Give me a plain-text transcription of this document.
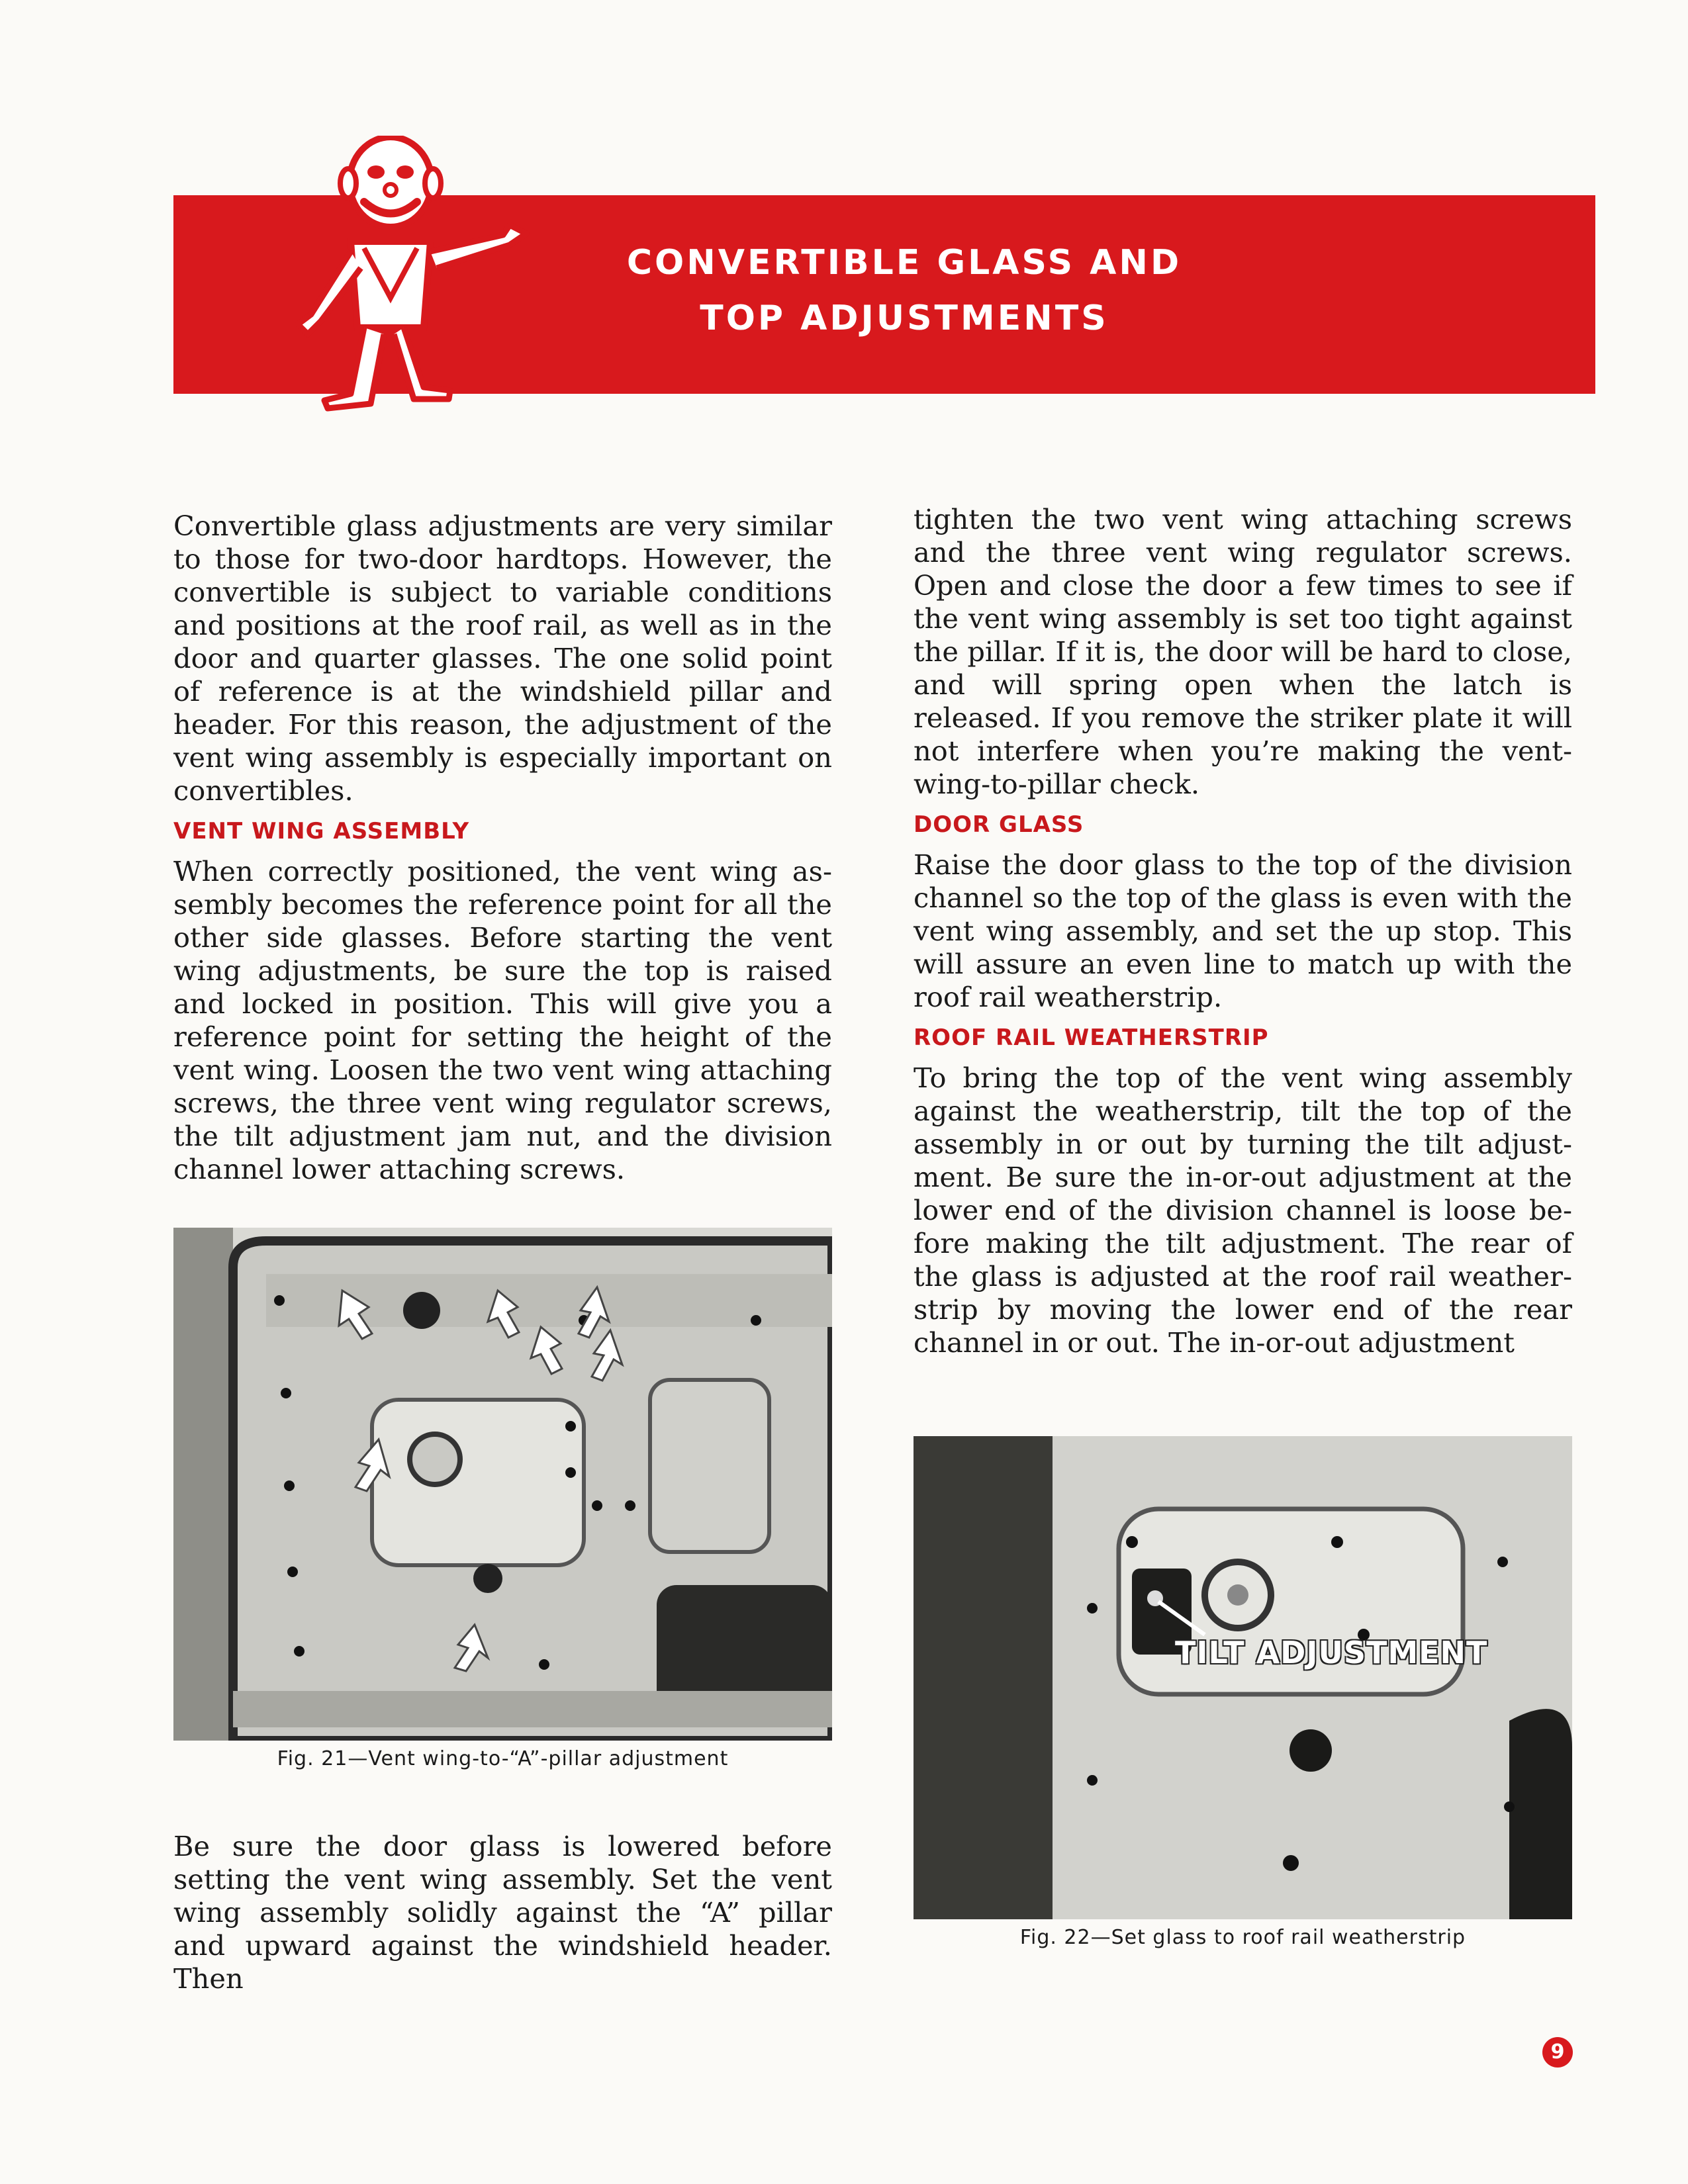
CONVERTIBLE GLASS AND
TOP ADJUSTMENTS

Convertible glass adjustments are very similar to those for two-door hardtops. However, the convertible is subject to variable conditions and positions at the roof rail, as well as in the door and quarter glasses. The one solid point of reference is at the windshield pillar and header. For this reason, the adjustment of the vent wing assembly is especially important on convertibles.

VENT WING ASSEMBLY

When correctly positioned, the vent wing assembly becomes the reference point for all the other side glasses. Before starting the vent wing adjustments, be sure the top is raised and locked in position. This will give you a reference point for setting the height of the vent wing. Loosen the two vent wing attaching screws, the three vent wing regulator screws, the tilt adjustment jam nut, and the division channel lower attaching screws.

Fig. 21—Vent wing-to-“A”-pillar adjustment

Be sure the door glass is lowered before setting the vent wing assembly. Set the vent wing assembly solidly against the “A” pillar and upward against the windshield header. Then

tighten the two vent wing attaching screws and the three vent wing regulator screws. Open and close the door a few times to see if the vent wing assembly is set too tight against the pillar. If it is, the door will be hard to close, and will spring open when the latch is released. If you remove the striker plate it will not interfere when you’re making the vent-wing-to-pillar check.

DOOR GLASS

Raise the door glass to the top of the division channel so the top of the glass is even with the vent wing assembly, and set the up stop. This will assure an even line to match up with the roof rail weatherstrip.

ROOF RAIL WEATHERSTRIP

To bring the top of the vent wing assembly against the weatherstrip, tilt the top of the assembly in or out by turning the tilt adjustment. Be sure the in-or-out adjustment at the lower end of the division channel is loose before making the tilt adjustment. The rear of the glass is adjusted at the roof rail weatherstrip by moving the lower end of the rear channel in or out. The in-or-out adjustment

TILT ADJUSTMENT
Fig. 22—Set glass to roof rail weatherstrip
9
